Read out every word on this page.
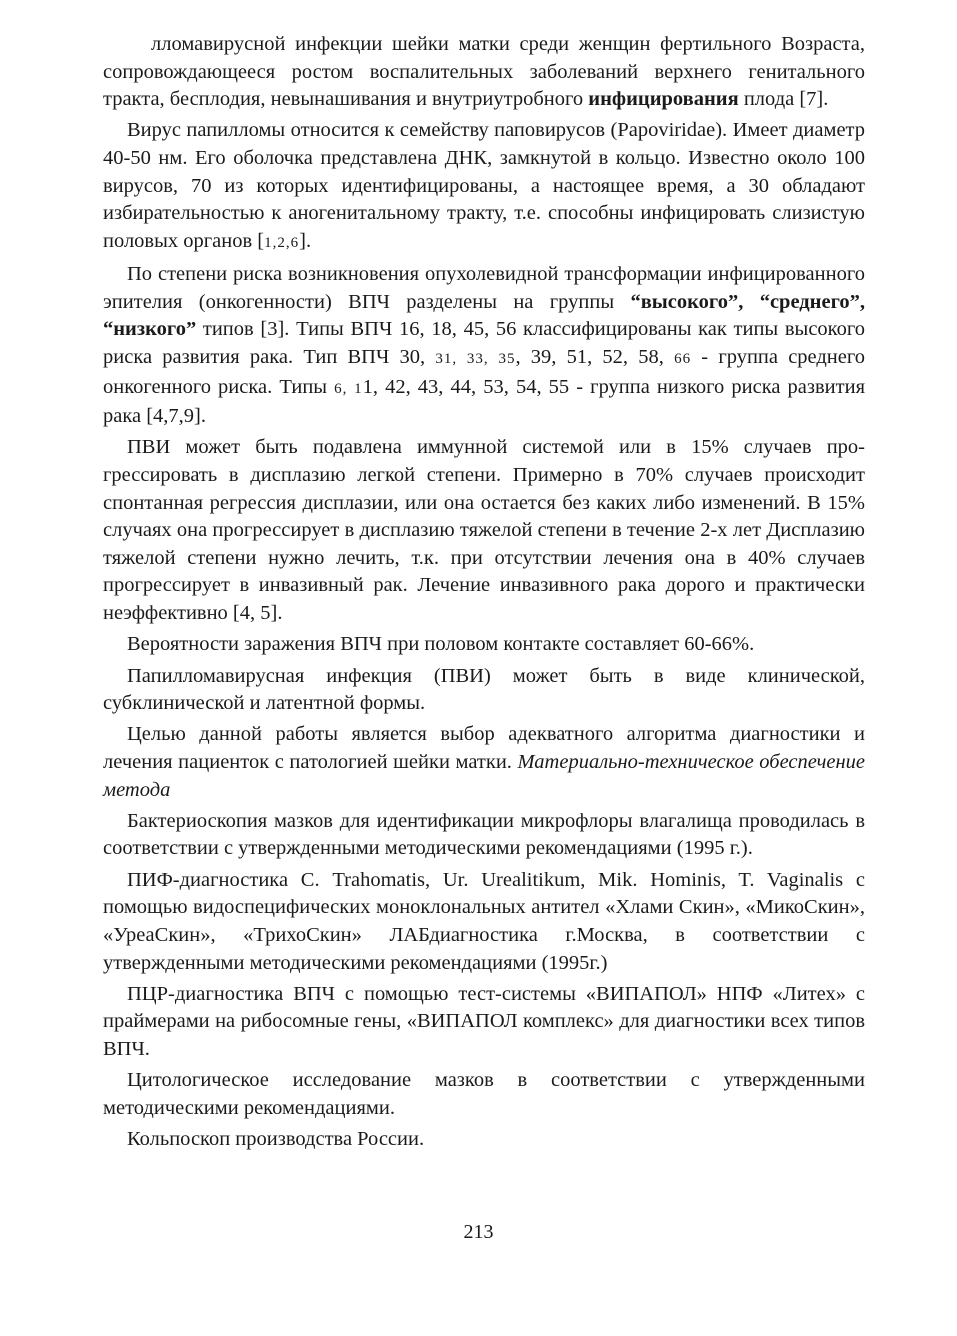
лломавирусной инфекции шейки матки среди женщин фертильного Возраста, сопровождающееся ростом воспалительных заболеваний верхнего генитального тракта, бесплодия, невынашивания и внутриутробного инфицирования плода [7].

Вирус папилломы относится к семейству паповирусов (Papoviridae). Имеет диаметр 40-50 нм. Его оболочка представлена ДНК, замкнутой в кольцо. Известно около 100 вирусов, 70 из которых идентифицированы, а настоящее время, а 30 обладают избирательностью к аногенитальному тракту, т.е. способны инфицировать слизистую половых органов [1,2,6].

По степени риска возникновения опухолевидной трансформации инфицированного эпителия (онкогенности) ВПЧ разделены на группы “высокого”, “среднего”, “низкого” типов [3]. Типы ВПЧ 16, 18, 45, 56 классифицированы как типы высокого риска развития рака. Тип ВПЧ 30, 31, 33, 35, 39, 51, 52, 58, 66 - группа среднего онкогенного риска. Типы 6, 11, 42, 43, 44, 53, 54, 55 - группа низкого риска развития рака [4,7,9].

ПВИ может быть подавлена иммунной системой или в 15% случаев прогрессировать в дисплазию легкой степени. Примерно в 70% случаев происходит спонтанная регрессия дисплазии, или она остается без каких либо изменений. В 15% случаях она прогрессирует в дисплазию тяжелой степени в течение 2-х лет Дисплазию тяжелой степени нужно лечить, т.к. при отсутствии лечения она в 40% случаев прогрессирует в инвазивный рак. Лечение инвазивного рака дорого и практически неэффективно [4, 5].

Вероятности заражения ВПЧ при половом контакте составляет 60-66%.

Папилломавирусная инфекция (ПВИ) может быть в виде клинической, субклинической и латентной формы.

Целью данной работы является выбор адекватного алгоритма диагностики и лечения пациенток с патологией шейки матки. Материально-техническое обеспечение метода

Бактериоскопия мазков для идентификации микрофлоры влагалища проводилась в соответствии с утвержденными методическими рекомендациями (1995 г.).

ПИФ-диагностика С. Trahomatis, Ur. Urealitikum, Mik. Hominis, T. Vaginalis с помощью видоспецифических моноклональных антител «Хлами Скин», «МикоСкин», «УреаСкин», «ТрихоСкин» ЛАБдиагностика г.Москва, в соответствии с утвержденными методическими рекомендациями (1995г.)

ПЦР-диагностика ВПЧ с помощью тест-системы «ВИПАПОЛ» НПФ «Литех» с праймерами на рибосомные гены, «ВИПАПОЛ комплекс» для диагностики всех типов ВПЧ.

Цитологическое исследование мазков в соответствии с утвержденными методическими рекомендациями.

Кольпоскоп производства России.

213
